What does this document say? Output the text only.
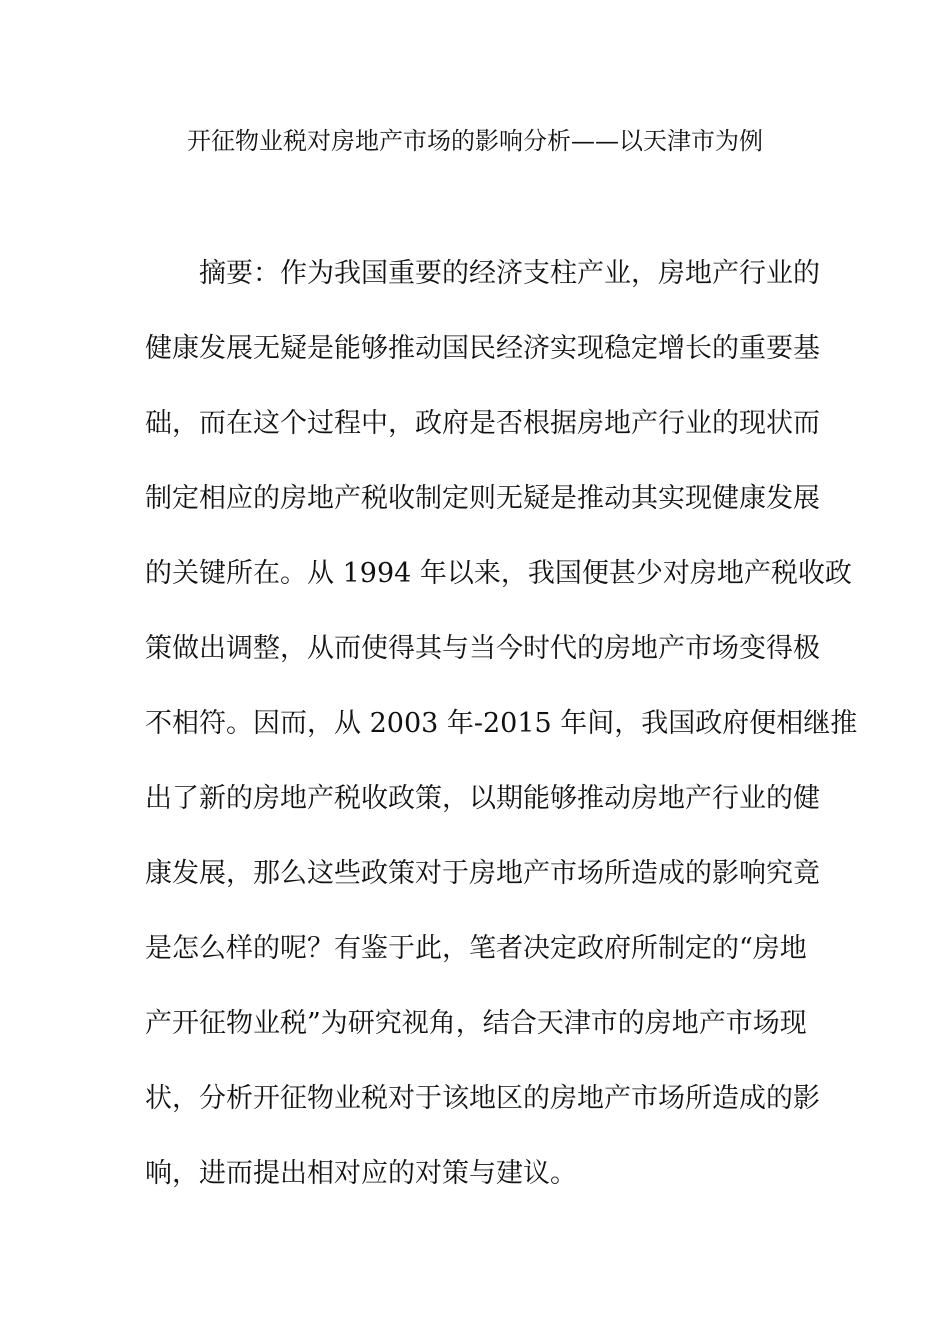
开征物业税对房地产市场的影响分析——以天津市为例
摘要：作为我国重要的经济支柱产业，房地产行业的
健康发展无疑是能够推动国民经济实现稳定增长的重要基
础，而在这个过程中，政府是否根据房地产行业的现状而
制定相应的房地产税收制定则无疑是推动其实现健康发展
的关键所在。从 1994 年以来，我国便甚少对房地产税收政
策做出调整，从而使得其与当今时代的房地产市场变得极
不相符。因而，从 2003 年-2015 年间，我国政府便相继推
出了新的房地产税收政策，以期能够推动房地产行业的健
康发展，那么这些政策对于房地产市场所造成的影响究竟
是怎么样的呢？有鉴于此，笔者决定政府所制定的“房地
产开征物业税”为研究视角，结合天津市的房地产市场现
状，分析开征物业税对于该地区的房地产市场所造成的影
响，进而提出相对应的对策与建议。
